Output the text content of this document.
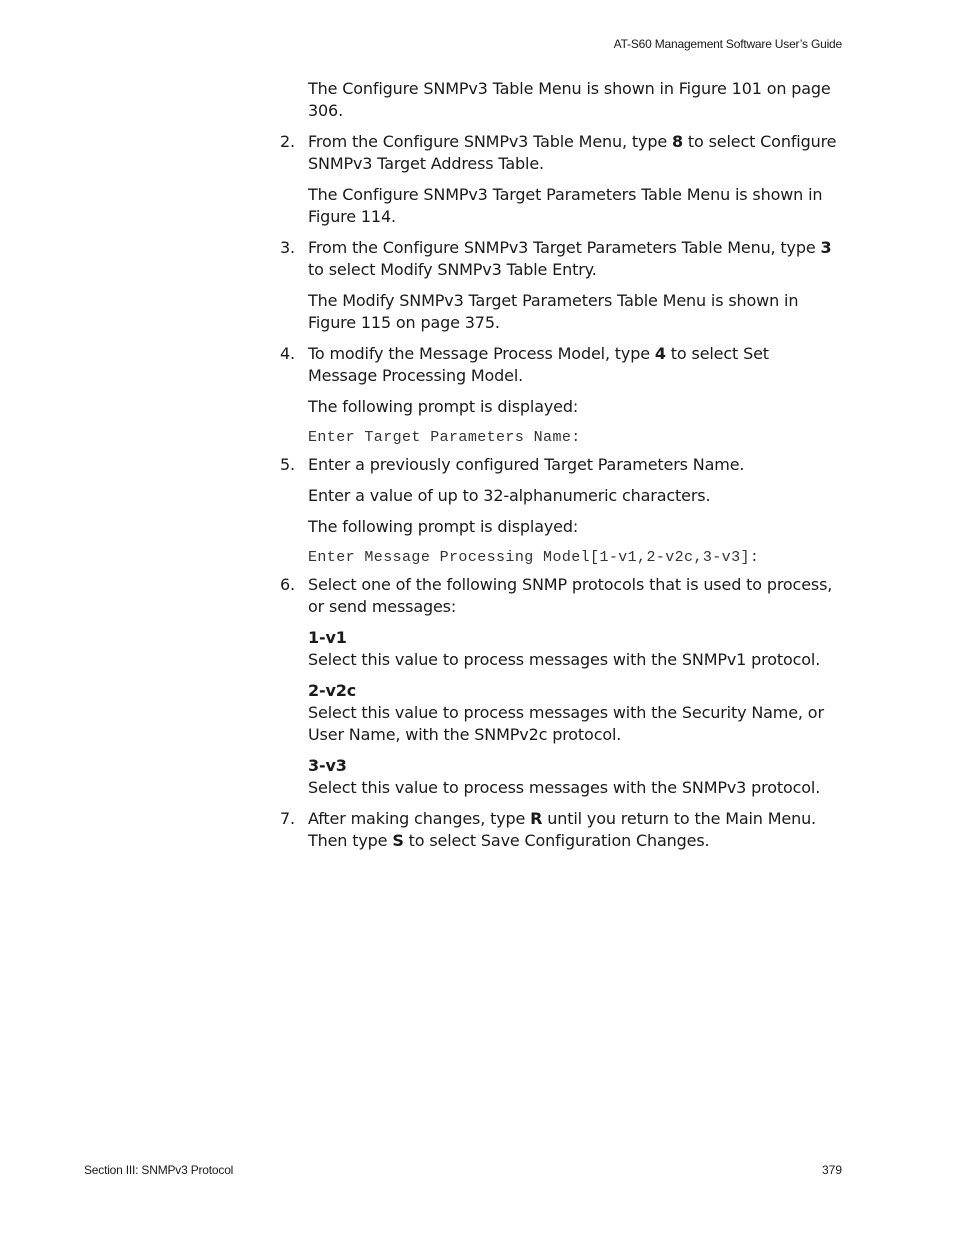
AT-S60 Management Software User’s Guide

The Configure SNMPv3 Table Menu is shown in Figure 101 on page 306.

2. From the Configure SNMPv3 Table Menu, type 8 to select Configure SNMPv3 Target Address Table.

The Configure SNMPv3 Target Parameters Table Menu is shown in Figure 114.

3. From the Configure SNMPv3 Target Parameters Table Menu, type 3 to select Modify SNMPv3 Table Entry.

The Modify SNMPv3 Target Parameters Table Menu is shown in Figure 115 on page 375.

4. To modify the Message Process Model, type 4 to select Set Message Processing Model.

The following prompt is displayed:

Enter Target Parameters Name:
5. Enter a previously configured Target Parameters Name.

Enter a value of up to 32-alphanumeric characters.

The following prompt is displayed:

Enter Message Processing Model[1-v1,2-v2c,3-v3]:
6. Select one of the following SNMP protocols that is used to process, or send messages:
1-v1
Select this value to process messages with the SNMPv1 protocol.
2-v2c
Select this value to process messages with the Security Name, or User Name, with the SNMPv2c protocol.
3-v3
Select this value to process messages with the SNMPv3 protocol.
7. After making changes, type R until you return to the Main Menu. Then type S to select Save Configuration Changes.
Section III: SNMPv3 Protocol	379
